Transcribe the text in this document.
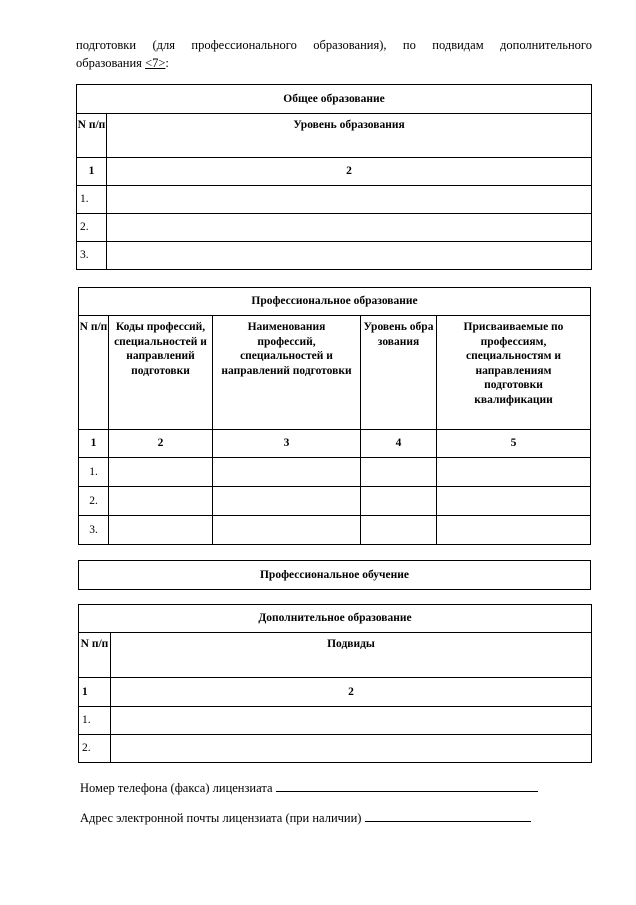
подготовки (для профессионального образования), по подвидам дополнительного
образования <7>:
Общее образование	
N п/п	Уровень образования
1	2
1.	
2.	
3.	
Профессиональное образование				
N п/п	Коды профессий, специальностей и направлений подготовки	Наименования профессий, специальностей и направлений подготовки	Уровень образования	Присваиваемые по профессиям, специальностям и направлениям подготовки квалификации
1	2	3	4	5
1.				
2.				
3.				
Профессиональное обучение
Дополнительное образование	
N п/п	Подвиды
1	2
1.	
2.	
Номер телефона (факса) лицензиата
Адрес электронной почты лицензиата (при наличии)
